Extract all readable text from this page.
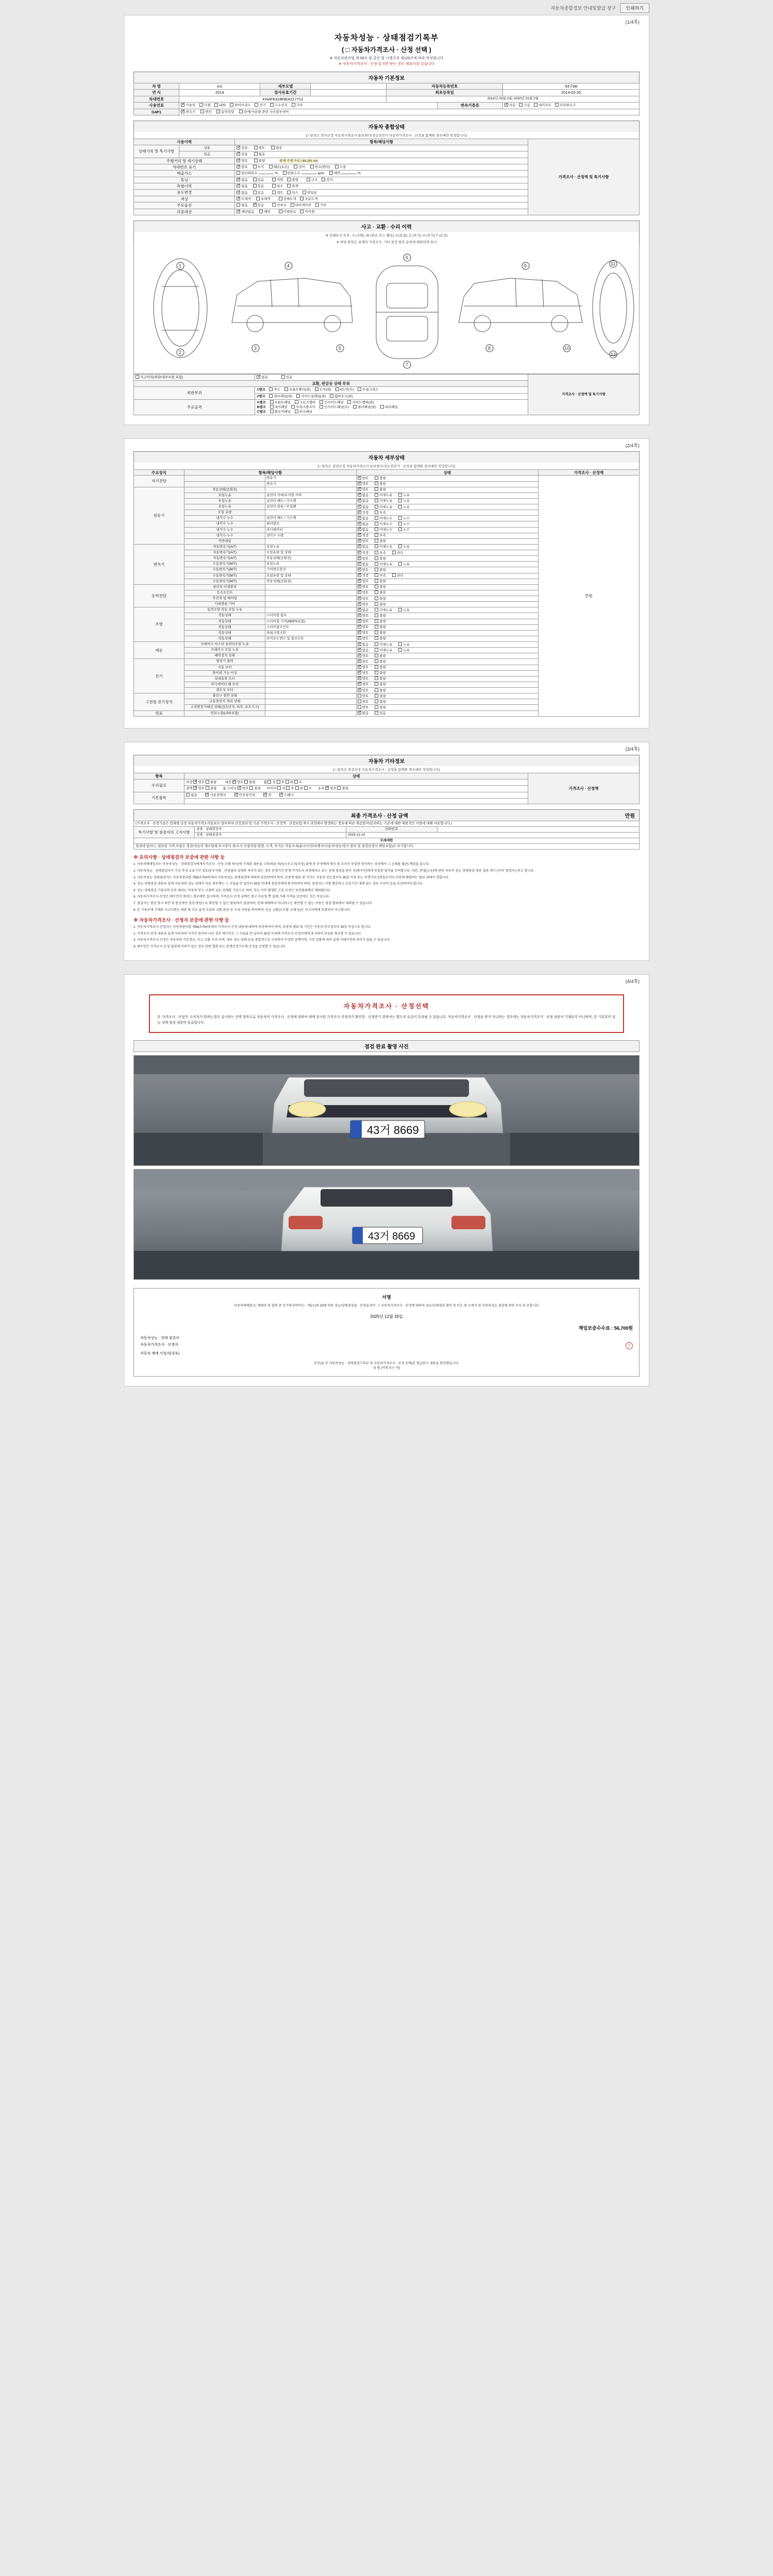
자동차종합정보 안내및발급 창구	인쇄하기
(1/4쪽)
자동차성능 · 상태점검기록부
( □ 자동차가격조사 · 산정 선택 )
※ 자동차관리법 제 58조 및 같은 법 시행규칙 제120조에 따라 작성합니다
※ 자동차가격조사 · 산정 통지만 받는 경우 제외사항 있습니다
자동차 기본정보
차 명	K3	세부모델		자동차등록번호		43구88
연 식	2014	검사유효기간		최초등록일		2014-02-20
차대번호	KNAFK41BNEA217712			2014년 03월 2월~2020년 01월 2월		
사용연료	✓가솔린 디젤 LPG 하이브리드 전기 수소전지 기타				변속기종류	✓자동 수동 세미오토 무단변속기
G4P1	✓변속기 엔진 동력전달 판매/사용량 관련 사진첨부대여
자동차 종합상태
(□ 항목은 점사산정 자동차가격조사 통보한다/성능점검가 자동차가격조사 · 산정을 함께한 경우에만 작성합니다)
사용이력		항목/해당사항	가격조사 · 산정액 및 특기사항
상태기록 및 특기사항	상용	✓상용 렌트 관용
	있음	✓있음 없음
주행거리 및 계기상태	✓양호 불량 현재 주행거리 | 68,261 km
차대번호 표기	✓양호 부식 훼손(오손) 상이 변조(변타) 도말
배출가스		일산화탄소 % 탄화수소 ppm 매연 %	
튜닝	✓없음 있음 적법 불법 구조 장치
특별이력	✓없음 있음 침수 화재
용도변경	✓없음 있음 렌트 리스 영업용
색상	✓무채색 유채색 전체도색 부분도색
주요옵션		없음 ✓ 있음 선루프 내비게이션 기타
리콜대상	✓해당없음 해당 이행완료 미이행
사고 · 교환 · 수리 이력
※ 상태표시 부호 : X (교환), W (판금 또는 웰딩), A (용접), C (부식), U (무식) T (손상)
※ 하단 항목은 실제의 가격조사, 기타 점검 항목 순번에 해당하게 표시
1
2
3
4
5
6
7
8
9
10
11
12
사고이력(외판/내부부품 포함)	✓없음 있음	가격조사 · 산정액 및 특기사항
교환, 판금등 상태 부위		
외판부위	1랭크 후드 프론트펜더(좌) 도어(좌) 4도어(우) 트렁크리드	
	2랭크 쿼터패널(좌) 사이드실패널(좌) 휠하우스(좌)	
주요골격	A랭크 프론트패널 크로스멤버 인사이드패널 사이드멤버(좌)
B랭크 리어패널 트렁크플로어 인사이드패널(우) 필러패널(좌) 대쉬패널
C랭크 플로어패널 루프패널	
(2/4쪽)
자동차 세부상태
(□ 항목은 점검산정 자동차가격조사 통보한다/성능점검가 · 산정을 함께한 경우에만 작성합니다)
주요장치	항목/해당사항		상태	가격조사 · 산정액
자기진단		원동기	✓양호 불량	만원
		변속기	✓양호 불량
원동기	작동상태(공회전)		✓양호 불량
	오일누유	실린더 커버/로커암 커버	✓없음 미세누유 누유
	오일누유	실린더 헤드 / 가스켓	✓없음 미세누유 누유
	오일누유	실린더 블록 / 오일팬	✓없음 미세누유 누유
	오일 유량		✓적정 부족
	냉각수 누수	실린더 헤드 / 가스켓	✓없음 미세누수 누수
	냉각수 누수	워터펌프	✓없음 미세누수 누수
	냉각수 누수	라디에이터	✓없음 미세누수 누수
	냉각수 누수	냉각수 수량	✓적정 부족
	커먼레일		✓양호 불량
변속기	자동변속기(A/T)	오일누유	✓없음 미세누유 누유
	자동변속기(A/T)	오일유량 및 상태	✓적정 부족 과다
	자동변속기(A/T)	작동상태(공회전)	✓양호 불량
	수동변속기(M/T)	오일누유	✓없음 미세누유 누유
	수동변속기(M/T)	기어변속장치	✓양호 불량
	수동변속기(M/T)	오일유량 및 상태	✓적정 부족 과다
	수동변속기(M/T)	작동상태(공회전)	✓양호 불량
동력전달	클러치 어셈블리		✓양호 불량
	등속조인트		✓양호 불량
	추진축 및 베어링		✓양호 불량
	디퍼렌셜 기어		✓양호 불량
조향	동력조향 작동 오일 누유		✓없음 미세누유 누유
	작동상태	스티어링 펌프	✓양호 불량
	작동상태	스티어링 기어(MDPS포함)	✓양호 불량
	작동상태	스티어링조인트	✓양호 불량
	작동상태	파워크랭크암	✓양호 불량
	작동상태	타이로드엔드 및 볼조인트	✓양호 불량
제동	브레이크 마스터 실린더오일 누유		✓없음 미세누유 누유
	브레이크 오일 누유		✓없음 미세누유 누유
	배력장치 상태		✓양호 불량
전기	발전기 출력		✓양호 불량
	시동 모터		✓양호 불량
	와이퍼 기능 이상		✓양호 불량
	실내송풍 모터		✓양호 불량
	라디에이터 팬 모터		✓양호 불량
	윈도우 모터		✓양호 불량
고전원 전기장치	충전구 절연 상태		양호 불량	
	구동축전지 격리 상태		양호 불량	
	고전원전기배선 상태(접속단자, 피복, 보호기구)		양호 불량	
연료	연료누출(LPG포함)		✓없음 있음
(3/4쪽)
자동차 기타정보
(□ 항목은 점검산정 자동차가격조사 · 산정을 함께한 경우에만 작성합니다)
항목	상태	가격조사 · 산정액
수리필요	외장 ✓양호 불량 내장 ✓양호 불량 휠 전 후 좌 우
	광택 ✓양호 불량 룸 크리닝 ✓양호 불량 타이어 전 후 좌 우 유리 ✓양호 불량
기본품목	없음 ✓ 사용설명서 ✓ 안전삼각대 ✓ 잭 ✓ 스패너

최종 가격조사 · 산정 금액	만원
(가격조사 · 산정기준은 업체별 산정 자동차가격조사통보로 첨부하여 산정결과 및 기준 가격조사 · 산정액 · 산정보험 제시 과정에서 발생하는 정보에 따른 제공방식/문의하는 기준에 대한 제한적인 사항에 대해 사용합니다.)			
특기사항 및 점검자의 고지사항	성명 : 상태점검자	전화번호	
	성명 : 상태점검자	2025-12-19	
모레세한			
점검내 및/또는 첨부된 가격 부품은 점검/성능의 제조업체 표시장치 중/조사 부품직업 원형, 도색, 부식은 각종 0~5(윤/조사진/보행지/사용자/성능/검사 항목 및 점검산정사 해당포함)로 표기합니다			
※ 유의사항 · 상태점검자 보증에 관한 사항 등

1. 자동차매매업자는 자동차성능 · 상태점검자에게자가조사 · 산정 부해 제시(에 기재된 내용을 고의/허위 허(?)으로고지(지정) 위에 동 산정에게 제시 및 조사자 동일한 양식하는 과정에서 그 손해를 볼(?) 책임을 집니다.

2. 자동차성능 · 상태점검자가 거짓 작성 오류기간 검토/동부사항 · 산정결과 실제와 차이가 있는 경우 분쟁기간 분쟁 가격조사 과정에서도 또는 상태 점검을 받은 자(양수인)에게 동일한 양식을 부여합니다. 다만, 분쟁(소송)에 관련 자동차 성능·상태점검 내용 결과 제시 (이하 '점검자') 라고 합니다.

3. 자동차성능·상태점검자는 자동차관리법 제58조의4에 따라 자동차성능·상태점검에 대하여 보증하여야 하며, 보증의 범위 및 기간은 자동차 인도일부터 30일 이상 또는 주행거리 2천킬로미터 이상에 해당하는 범위 내에서 정합니다.

4. 성능·상태점검 내용과 실제 자동차의 성능·상태가 다른 경우에는 그 사실을 안 날부터 30일 이내에 점검자에게 통지하여야 하며, 점검자는 이를 확인하고 보증기간 내에 있는 경우 수리비 등을 보상하여야 합니다.

5. 성능·상태점검 기록부의 보증 범위는 자동차 인도 시점의 성능·상태를 기준으로 하며, 인도 이후 발생한 고장·손상은 보증범위에서 제외됩니다.

6. 자동차가격조사·산정은 매수인이 원하는 경우에만 실시하며, 가격조사·산정 금액은 참고 자료일 뿐 실제 거래 가격을 보증하는 것은 아닙니다.

7. 점검자는 점검 당시 육안 및 통상적인 점검 방법으로 확인할 수 있는 범위에서 점검하며, 분해·해체하지 아니하고는 확인할 수 없는 사항은 점검 범위에서 제외될 수 있습니다.

8. 본 기록부에 기재된 사고이력은 외판 및 주요 골격 부위의 교환·판금 등 수리 이력을 의미하며, 단순 교환(소모품 교체 등)은 사고이력에 포함되지 아니합니다.

※ 자동차가격조사 · 산정자 보증에 관한 사항 등

1. 자동차가격조사·산정자는 자동차관리법 제58조의4에 따라 가격조사·산정 내용에 대하여 보증하여야 하며, 보증의 범위 및 기간은 자동차 인도일부터 30일 이상으로 합니다.

2. 가격조사·산정 내용과 실제 자동차의 가치가 현저히 다른 경우 매수인은 그 사실을 안 날부터 30일 이내에 가격조사·산정자에게 통지하여 보상을 청구할 수 있습니다.

3. 자동차가격조사·산정은 자동차의 기본정보, 사고·교환·수리 이력, 세부 성능·상태 등을 종합적으로 고려하여 산정한 금액이며, 시장 상황에 따라 실제 거래가격과 차이가 있을 수 있습니다.

4. 매수인은 가격조사·산정 결과에 이의가 있는 경우 관련 협회 또는 분쟁조정기구에 조정을 신청할 수 있습니다.

(4/4쪽)
자동차가격조사 · 산정선택
본 '가격조사 · 산정'은 소비자가 원하는경우 실시하는 선택 항목으로 자동차의 가격조사 · 산정에 대하여 매매 종사원 가격조사·산정자가 확인한 · 산정받기 위하여는 별도의 요금이 부과될 수 있습니다. 자동차가격조사 · 산정을 받지 아니하는 경우에는 자동차가격조사 · 산정 내용이 기재되지 아니하며, 본 기록부의 성능·상태 점검 내용만 유효합니다.
점검 완료 촬영 사진
43거 8669
43거 8669
서명
'자동차매매업자, 매매상 및 협회 중 상기에 관하여는 · 매(소)의 33에 의한 성능/상태점검을 · 산정을 받은 그 자동차가격조사 · 산정에 대하여 성능/상태점검 확인 및 인도 및 소매자 및 자동차성능 점검에 관한 조치 및 준합니다.
2025년 12월 19일
책임보증수수료 : 56,700원
자동차성능 · 상태 점검자

자동차가격조사 · 산정자	인
자동차 매매 사업자(상호)

본인(들 또 자동차성능 · 상태점검기록부 및 자동차가격조사 · 산정 선택(본 명급받고 내용을 확인했습니다.
성 명 (서명 또는 인)
